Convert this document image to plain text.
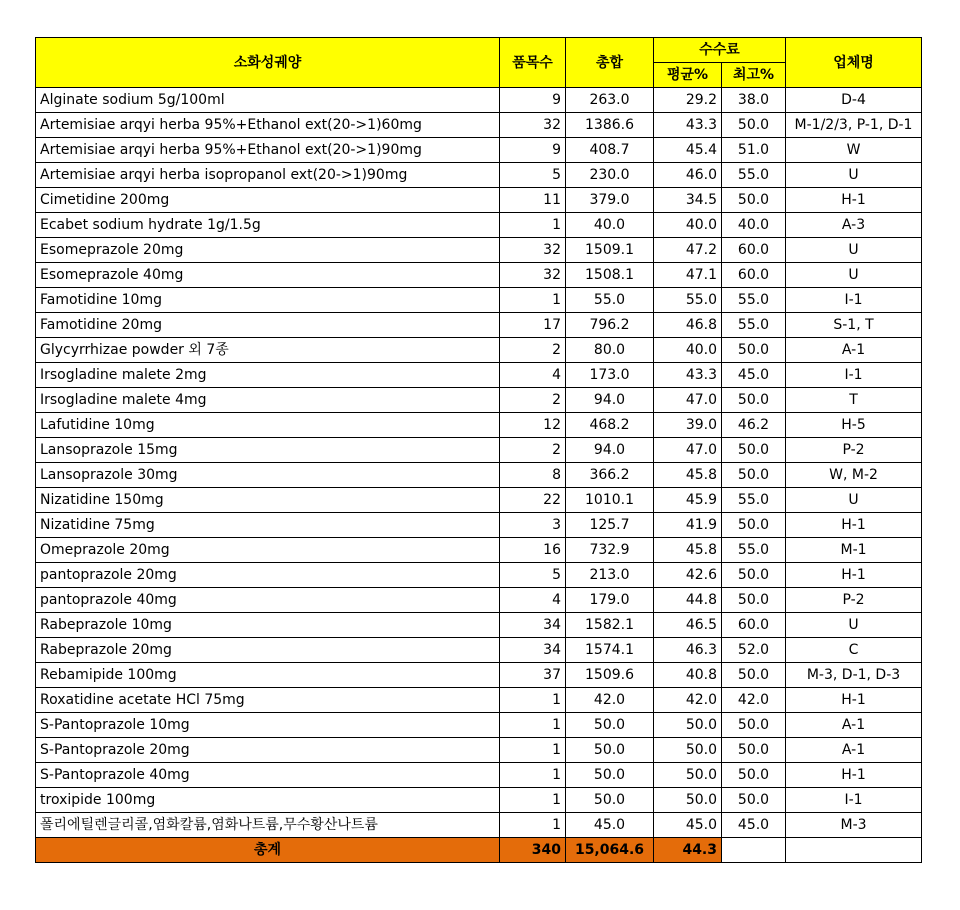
소화성궤양	품목수	총합	수수료		업체명
			평균%	최고%	
Alginate sodium 5g/100ml	9	263.0	29.2	38.0	D-4
Artemisiae arqyi herba 95%+Ethanol ext(20->1)60mg	32	1386.6	43.3	50.0	M-1/2/3, P-1, D-1
Artemisiae arqyi herba 95%+Ethanol ext(20->1)90mg	9	408.7	45.4	51.0	W
Artemisiae arqyi herba isopropanol ext(20->1)90mg	5	230.0	46.0	55.0	U
Cimetidine 200mg	11	379.0	34.5	50.0	H-1
Ecabet sodium hydrate 1g/1.5g	1	40.0	40.0	40.0	A-3
Esomeprazole 20mg	32	1509.1	47.2	60.0	U
Esomeprazole 40mg	32	1508.1	47.1	60.0	U
Famotidine 10mg	1	55.0	55.0	55.0	I-1
Famotidine 20mg	17	796.2	46.8	55.0	S-1, T
Glycyrrhizae powder 외 7종	2	80.0	40.0	50.0	A-1
Irsogladine malete 2mg	4	173.0	43.3	45.0	I-1
Irsogladine malete 4mg	2	94.0	47.0	50.0	T
Lafutidine 10mg	12	468.2	39.0	46.2	H-5
Lansoprazole 15mg	2	94.0	47.0	50.0	P-2
Lansoprazole 30mg	8	366.2	45.8	50.0	W, M-2
Nizatidine 150mg	22	1010.1	45.9	55.0	U
Nizatidine 75mg	3	125.7	41.9	50.0	H-1
Omeprazole 20mg	16	732.9	45.8	55.0	M-1
pantoprazole 20mg	5	213.0	42.6	50.0	H-1
pantoprazole 40mg	4	179.0	44.8	50.0	P-2
Rabeprazole 10mg	34	1582.1	46.5	60.0	U
Rabeprazole 20mg	34	1574.1	46.3	52.0	C
Rebamipide 100mg	37	1509.6	40.8	50.0	M-3, D-1, D-3
Roxatidine acetate HCl 75mg	1	42.0	42.0	42.0	H-1
S-Pantoprazole 10mg	1	50.0	50.0	50.0	A-1
S-Pantoprazole 20mg	1	50.0	50.0	50.0	A-1
S-Pantoprazole 40mg	1	50.0	50.0	50.0	H-1
troxipide 100mg	1	50.0	50.0	50.0	I-1
폴리에틸렌글리콜,염화칼륨,염화나트륨,무수황산나트륨	1	45.0	45.0	45.0	M-3
총계	340	15,064.6	44.3		
